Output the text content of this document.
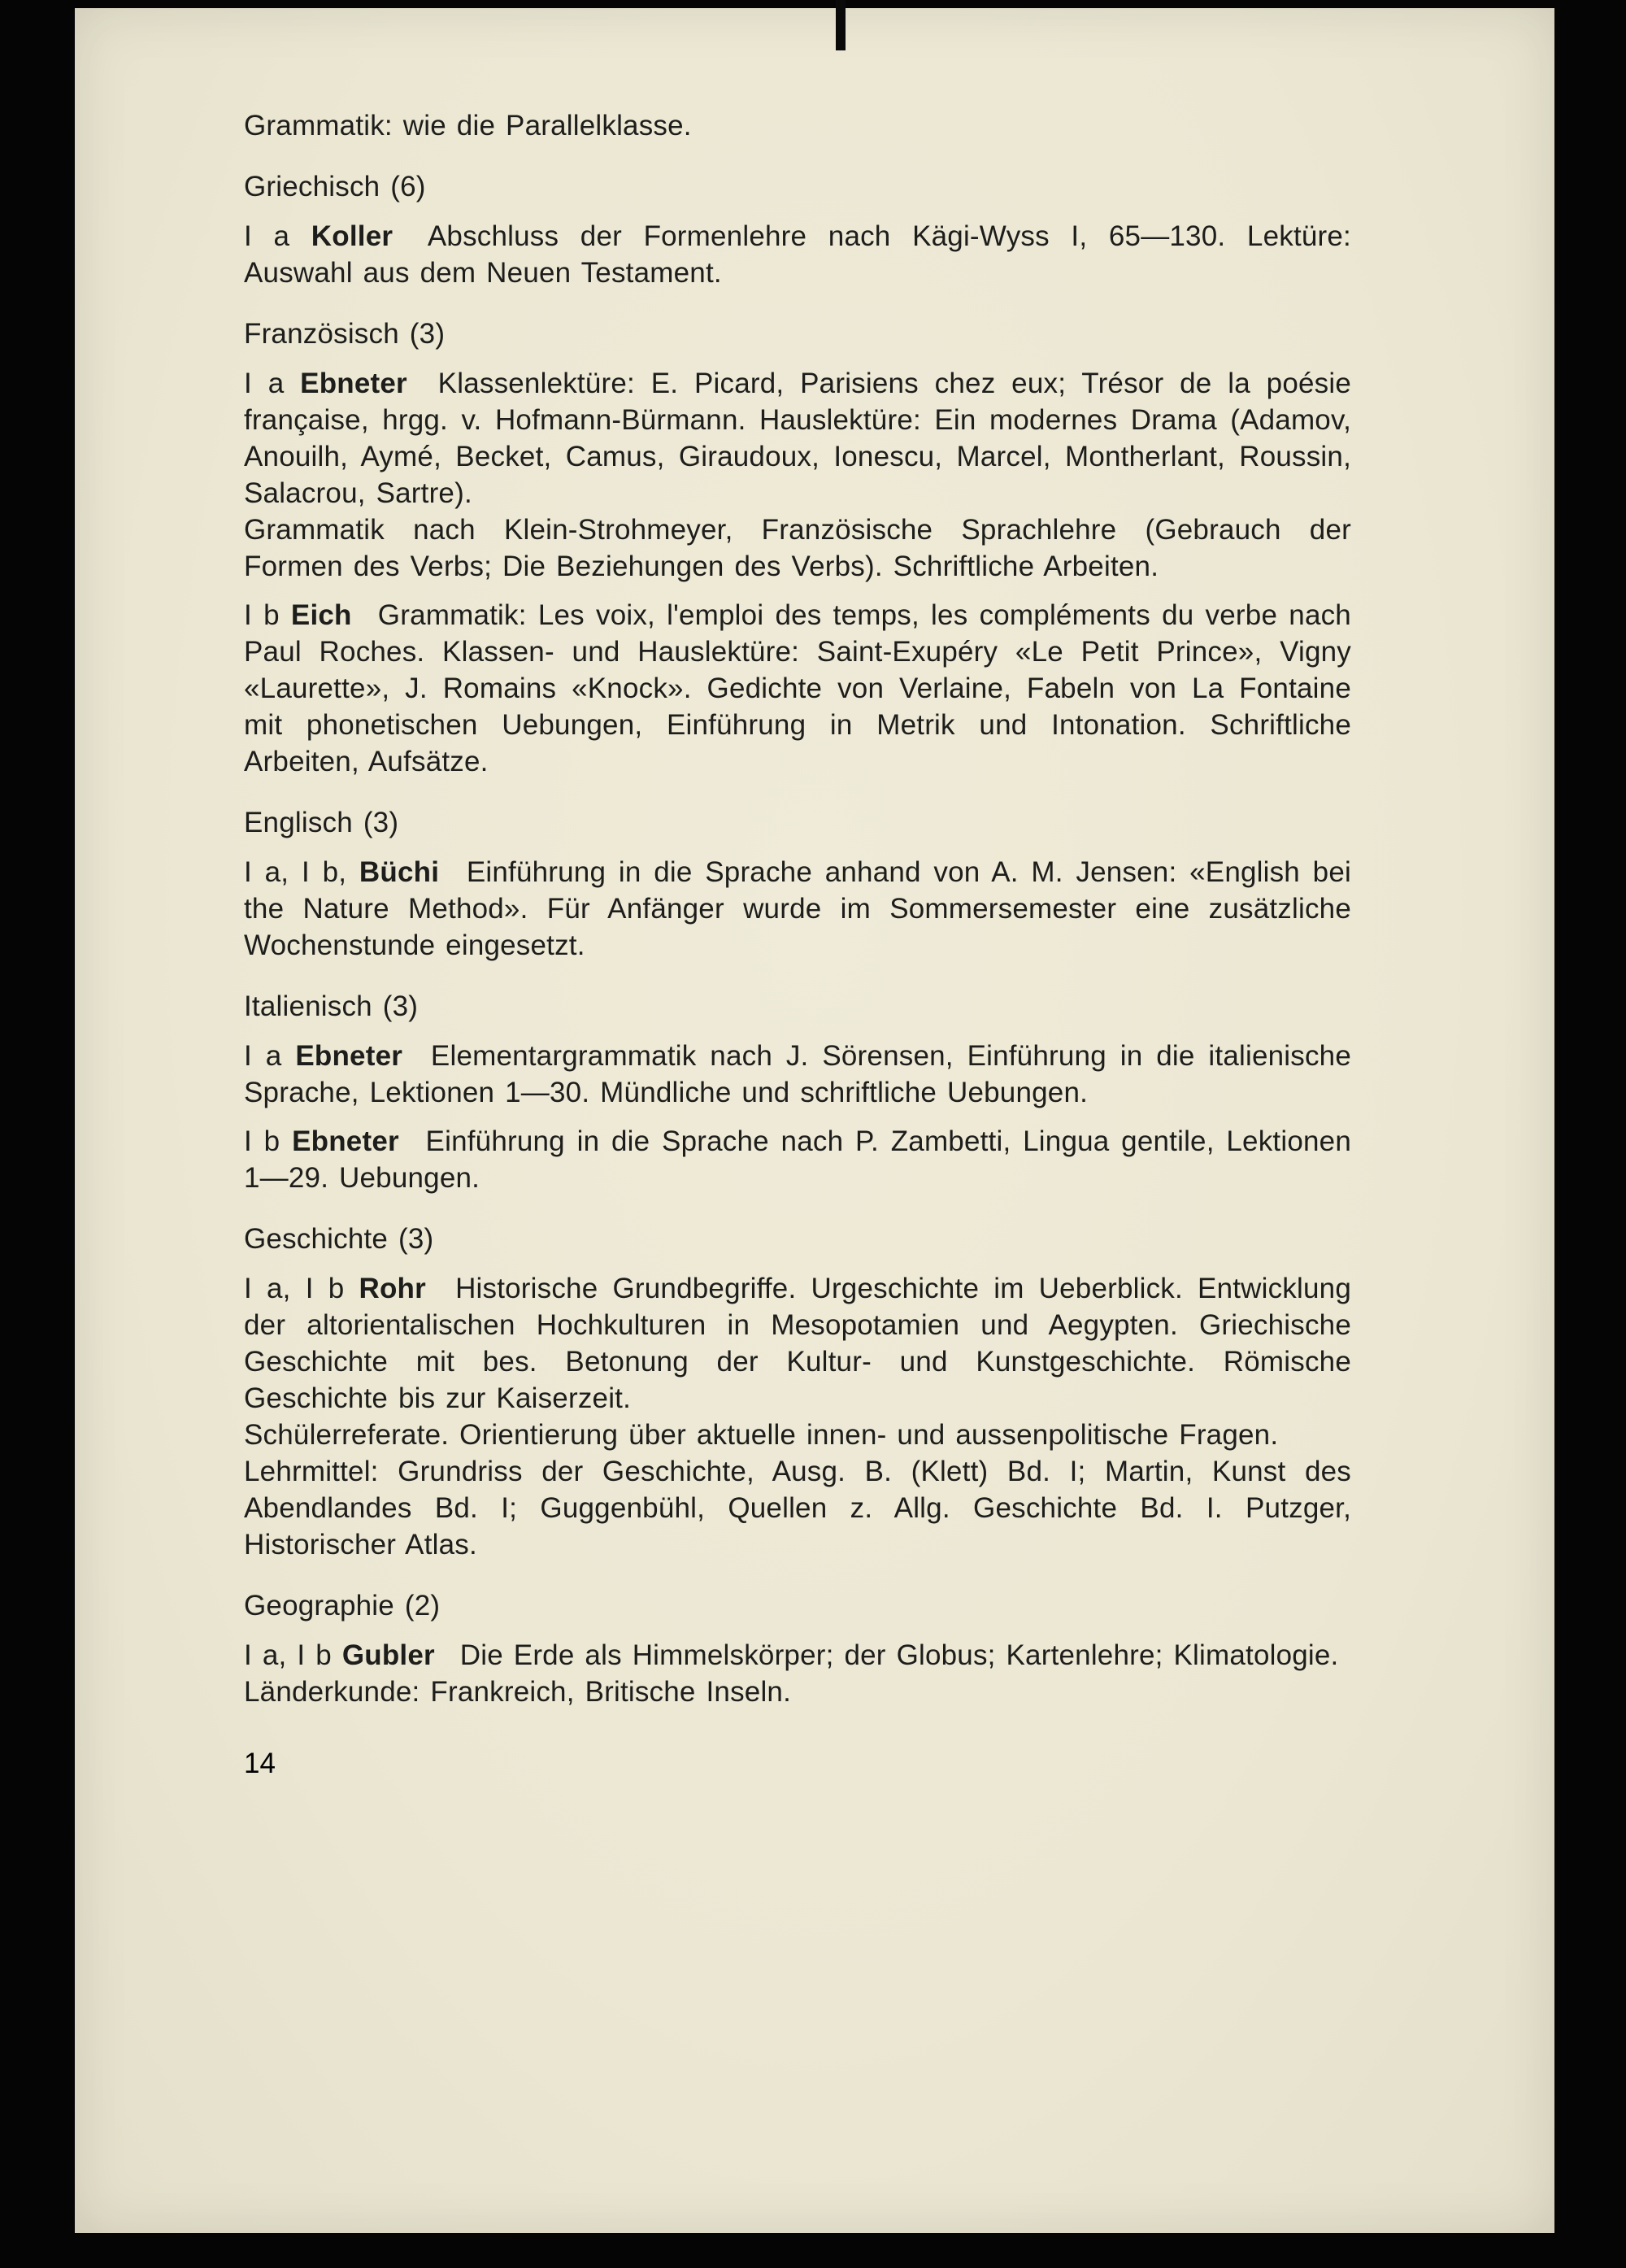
Grammatik: wie die Parallelklasse.

Griechisch (6)

I a Koller Abschluss der Formenlehre nach Kägi-Wyss I, 65—130. Lektüre: Auswahl aus dem Neuen Testament.

Französisch (3)

I a Ebneter Klassenlektüre: E. Picard, Parisiens chez eux; Trésor de la poésie française, hrgg. v. Hofmann-Bürmann. Hauslektüre: Ein modernes Drama (Adamov, Anouilh, Aymé, Becket, Camus, Giraudoux, Ionescu, Marcel, Montherlant, Roussin, Salacrou, Sartre).
Grammatik nach Klein-Strohmeyer, Französische Sprachlehre (Gebrauch der Formen des Verbs; Die Beziehungen des Verbs). Schriftliche Arbeiten.

I b Eich Grammatik: Les voix, l'emploi des temps, les compléments du verbe nach Paul Roches. Klassen- und Hauslektüre: Saint-Exupéry «Le Petit Prince», Vigny «Laurette», J. Romains «Knock». Gedichte von Verlaine, Fabeln von La Fontaine mit phonetischen Uebungen, Einführung in Metrik und Intonation. Schriftliche Arbeiten, Aufsätze.

Englisch (3)

I a, I b, Büchi Einführung in die Sprache anhand von A. M. Jensen: «English bei the Nature Method». Für Anfänger wurde im Sommersemester eine zusätzliche Wochenstunde eingesetzt.

Italienisch (3)

I a Ebneter Elementargrammatik nach J. Sörensen, Einführung in die italienische Sprache, Lektionen 1—30. Mündliche und schriftliche Uebungen.

I b Ebneter Einführung in die Sprache nach P. Zambetti, Lingua gentile, Lektionen 1—29. Uebungen.

Geschichte (3)

I a, I b Rohr Historische Grundbegriffe. Urgeschichte im Ueberblick. Entwicklung der altorientalischen Hochkulturen in Mesopotamien und Aegypten. Griechische Geschichte mit bes. Betonung der Kultur- und Kunstgeschichte. Römische Geschichte bis zur Kaiserzeit.
Schülerreferate. Orientierung über aktuelle innen- und aussenpolitische Fragen.
Lehrmittel: Grundriss der Geschichte, Ausg. B. (Klett) Bd. I; Martin, Kunst des Abendlandes Bd. I; Guggenbühl, Quellen z. Allg. Geschichte Bd. I. Putzger, Historischer Atlas.

Geographie (2)

I a, I b Gubler Die Erde als Himmelskörper; der Globus; Kartenlehre; Klimatologie.
Länderkunde: Frankreich, Britische Inseln.

14
